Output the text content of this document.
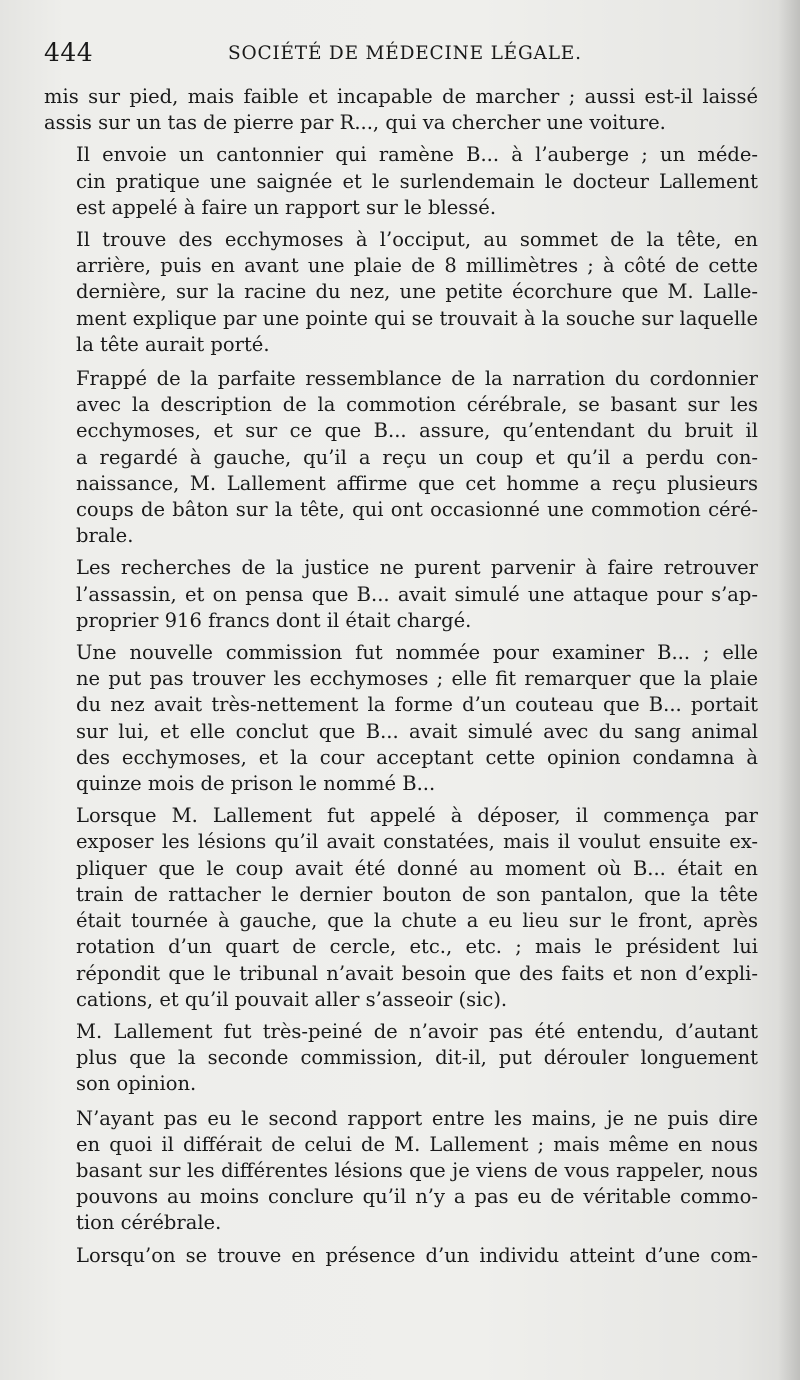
444	SOCIÉTÉ DE MÉDECINE LÉGALE.

mis sur pied, mais faible et incapable de marcher ; aussi est-il laissé
assis sur un tas de pierre par R..., qui va chercher une voiture.

Il envoie un cantonnier qui ramène B... à l’auberge ; un méde-
cin pratique une saignée et le surlendemain le docteur Lallement
est appelé à faire un rapport sur le blessé.

Il trouve des ecchymoses à l’occiput, au sommet de la tête, en
arrière, puis en avant une plaie de 8 millimètres ; à côté de cette
dernière, sur la racine du nez, une petite écorchure que M. Lalle-
ment explique par une pointe qui se trouvait à la souche sur laquelle
la tête aurait porté.

Frappé de la parfaite ressemblance de la narration du cordonnier
avec la description de la commotion cérébrale, se basant sur les
ecchymoses, et sur ce que B... assure, qu’entendant du bruit il
a regardé à gauche, qu’il a reçu un coup et qu’il a perdu con-
naissance, M. Lallement affirme que cet homme a reçu plusieurs
coups de bâton sur la tête, qui ont occasionné une commotion céré-
brale.

Les recherches de la justice ne purent parvenir à faire retrouver
l’assassin, et on pensa que B... avait simulé une attaque pour s’ap-
proprier 916 francs dont il était chargé.

Une nouvelle commission fut nommée pour examiner B... ; elle
ne put pas trouver les ecchymoses ; elle fit remarquer que la plaie
du nez avait très-nettement la forme d’un couteau que B... portait
sur lui, et elle conclut que B... avait simulé avec du sang animal
des ecchymoses, et la cour acceptant cette opinion condamna à
quinze mois de prison le nommé B...

Lorsque M. Lallement fut appelé à déposer, il commença par
exposer les lésions qu’il avait constatées, mais il voulut ensuite ex-
pliquer que le coup avait été donné au moment où B... était en
train de rattacher le dernier bouton de son pantalon, que la tête
était tournée à gauche, que la chute a eu lieu sur le front, après
rotation d’un quart de cercle, etc., etc. ; mais le président lui
répondit que le tribunal n’avait besoin que des faits et non d’expli-
cations, et qu’il pouvait aller s’asseoir (sic).

M. Lallement fut très-peiné de n’avoir pas été entendu, d’autant
plus que la seconde commission, dit-il, put dérouler longuement
son opinion.

N’ayant pas eu le second rapport entre les mains, je ne puis dire
en quoi il différait de celui de M. Lallement ; mais même en nous
basant sur les différentes lésions que je viens de vous rappeler, nous
pouvons au moins conclure qu’il n’y a pas eu de véritable commo-
tion cérébrale.

Lorsqu’on se trouve en présence d’un individu atteint d’une com-
